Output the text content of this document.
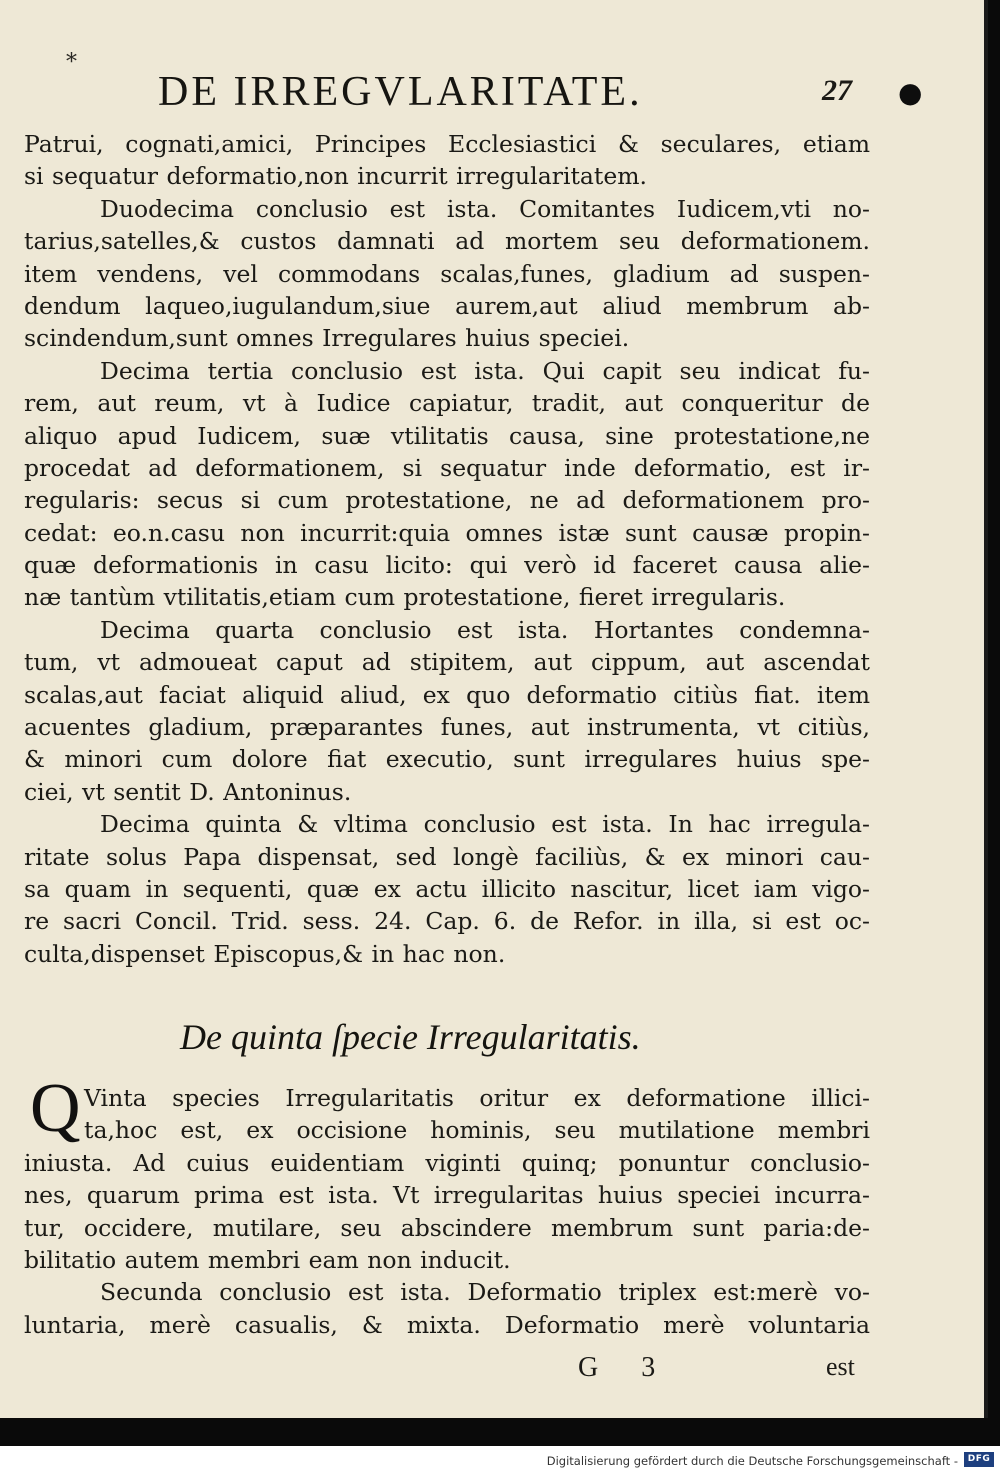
*
DE IRREGVLARITATE.	27 ●
Patrui, cognati,amici, Principes Ecclesiastici & seculares, etiam
si sequatur deformatio,non incurrit irregularitatem.
Duodecima conclusio est ista. Comitantes Iudicem,vti no-
tarius,satelles,& custos damnati ad mortem seu deformationem.
item vendens, vel commodans scalas,funes, gladium ad suspen-
dendum laqueo,iugulandum,siue aurem,aut aliud membrum ab-
scindendum,sunt omnes Irregulares huius speciei.
Decima tertia conclusio est ista. Qui capit seu indicat fu-
rem, aut reum, vt à Iudice capiatur, tradit, aut conqueritur de
aliquo apud Iudicem, suæ vtilitatis causa, sine protestatione,ne
procedat ad deformationem, si sequatur inde deformatio, est ir-
regularis: secus si cum protestatione, ne ad deformationem pro-
cedat: eo.n.casu non incurrit:quia omnes istæ sunt causæ propin-
quæ deformationis in casu licito: qui verò id faceret causa alie-
næ tantùm vtilitatis,etiam cum protestatione, fieret irregularis.
Decima quarta conclusio est ista. Hortantes condemna-
tum, vt admoueat caput ad stipitem, aut cippum, aut ascendat
scalas,aut faciat aliquid aliud, ex quo deformatio citiùs fiat. item
acuentes gladium, præparantes funes, aut instrumenta, vt citiùs,
& minori cum dolore fiat executio, sunt irregulares huius spe-
ciei, vt sentit D. Antoninus.
Decima quinta & vltima conclusio est ista. In hac irregula-
ritate solus Papa dispensat, sed longè faciliùs, & ex minori cau-
sa quam in sequenti, quæ ex actu illicito nascitur, licet iam vigo-
re sacri Concil. Trid. sess. 24. Cap. 6. de Refor. in illa, si est oc-
culta,dispenset Episcopus,& in hac non.
De quinta ſpecie Irregularitatis.
Q Vinta species Irregularitatis oritur ex deformatione illici-
ta,hoc est, ex occisione hominis, seu mutilatione membri
iniusta. Ad cuius euidentiam viginti quinq; ponuntur conclusio-
nes, quarum prima est ista. Vt irregularitas huius speciei incurra-
tur, occidere, mutilare, seu abscindere membrum sunt paria:de-
bilitatio autem membri eam non inducit.
Secunda conclusio est ista. Deformatio triplex est:merè vo-
luntaria, merè casualis, & mixta. Deformatio merè voluntaria
G 3	est
Digitalisierung gefördert durch die Deutsche Forschungsgemeinschaft -	DFG
